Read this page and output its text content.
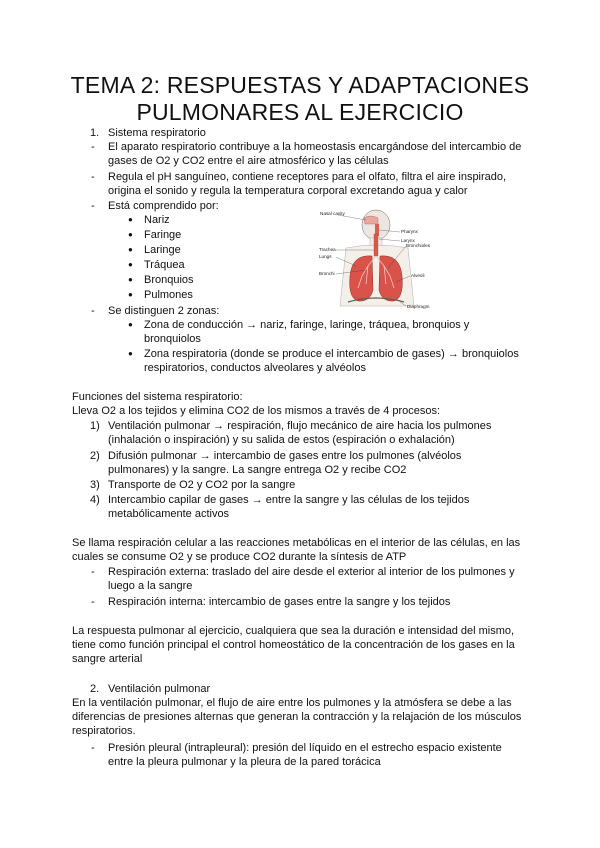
TEMA 2: RESPUESTAS Y ADAPTACIONES
PULMONARES AL EJERCICIO
1. Sistema respiratorio
- El aparato respiratorio contribuye a la homeostasis encargándose del intercambio de
gases de O2 y CO2 entre el aire atmosférico y las células
- Regula el pH sanguíneo, contiene receptores para el olfato, filtra el aire inspirado,
origina el sonido y regula la temperatura corporal excretando agua y calor
- Está comprendido por:
● Nariz
● Faringe
● Laringe
● Tráquea
● Bronquios
● Pulmones
Nasal cavity
Pharynx
Larynx
Bronchioles
Trachea
Lungs
Bronchi	Alveoli
Diaphragm
- Se distinguen 2 zonas:
● Zona de conducción → nariz, faringe, laringe, tráquea, bronquios y
bronquiolos
● Zona respiratoria (donde se produce el intercambio de gases) → bronquiolos
respiratorios, conductos alveolares y alvéolos
Funciones del sistema respiratorio:
Lleva O2 a los tejidos y elimina CO2 de los mismos a través de 4 procesos:
1) Ventilación pulmonar → respiración, flujo mecánico de aire hacia los pulmones
(inhalación o inspiración) y su salida de estos (espiración o exhalación)
2) Difusión pulmonar → intercambio de gases entre los pulmones (alvéolos
pulmonares) y la sangre. La sangre entrega O2 y recibe CO2
3) Transporte de O2 y CO2 por la sangre
4) Intercambio capilar de gases → entre la sangre y las células de los tejidos
metabólicamente activos
Se llama respiración celular a las reacciones metabólicas en el interior de las células, en las
cuales se consume O2 y se produce CO2 durante la síntesis de ATP
- Respiración externa: traslado del aire desde el exterior al interior de los pulmones y
luego a la sangre
- Respiración interna: intercambio de gases entre la sangre y los tejidos
La respuesta pulmonar al ejercicio, cualquiera que sea la duración e intensidad del mismo,
tiene como función principal el control homeostático de la concentración de los gases en la
sangre arterial
2. Ventilación pulmonar
En la ventilación pulmonar, el flujo de aire entre los pulmones y la atmósfera se debe a las
diferencias de presiones alternas que generan la contracción y la relajación de los músculos
respiratorios.
- Presión pleural (intrapleural): presión del líquido en el estrecho espacio existente
entre la pleura pulmonar y la pleura de la pared torácica
